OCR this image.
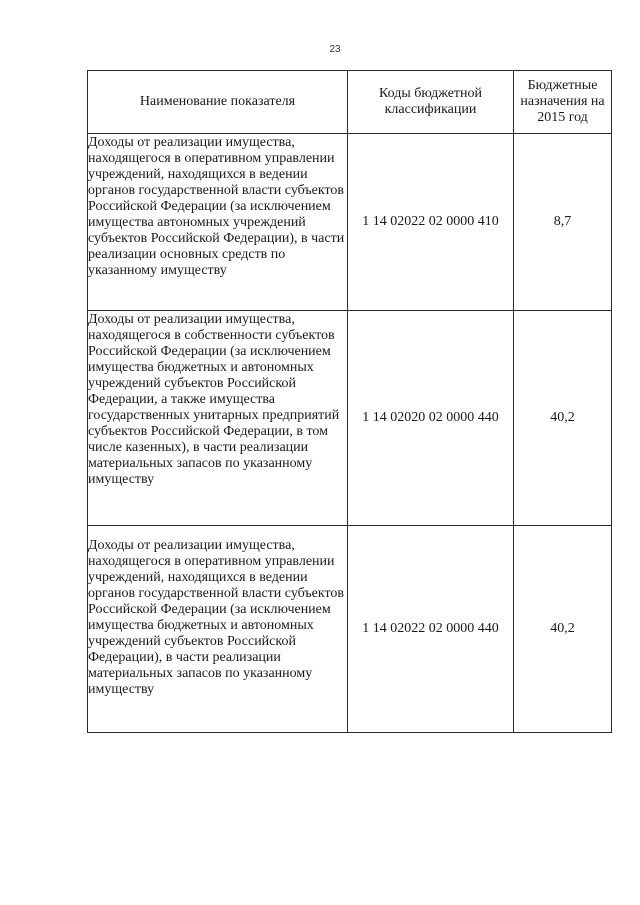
23
Наименование показателя	Коды бюджетной классификации	Бюджетные назначения на 2015 год

Доходы от реализации имущества, находящегося в оперативном управлении учреждений, находящихся в ведении органов государственной власти субъектов Российской Федерации (за исключением имущества автономных учреждений субъектов Российской Федерации), в части реализации основных средств по указанному имуществу	1 14 02022 02 0000 410	8,7

Доходы от реализации имущества, находящегося в собственности субъектов Российской Федерации (за исключением имущества бюджетных и автономных учреждений субъектов Российской Федерации, а также имущества государственных унитарных предприятий субъектов Российской Федерации, в том числе казенных), в части реализации материальных запасов по указанному имуществу	1 14 02020 02 0000 440	40,2

Доходы от реализации имущества, находящегося в оперативном управлении учреждений, находящихся в ведении органов государственной власти субъектов Российской Федерации (за исключением имущества бюджетных и автономных учреждений субъектов Российской Федерации), в части реализации материальных запасов по указанному имуществу	1 14 02022 02 0000 440	40,2
